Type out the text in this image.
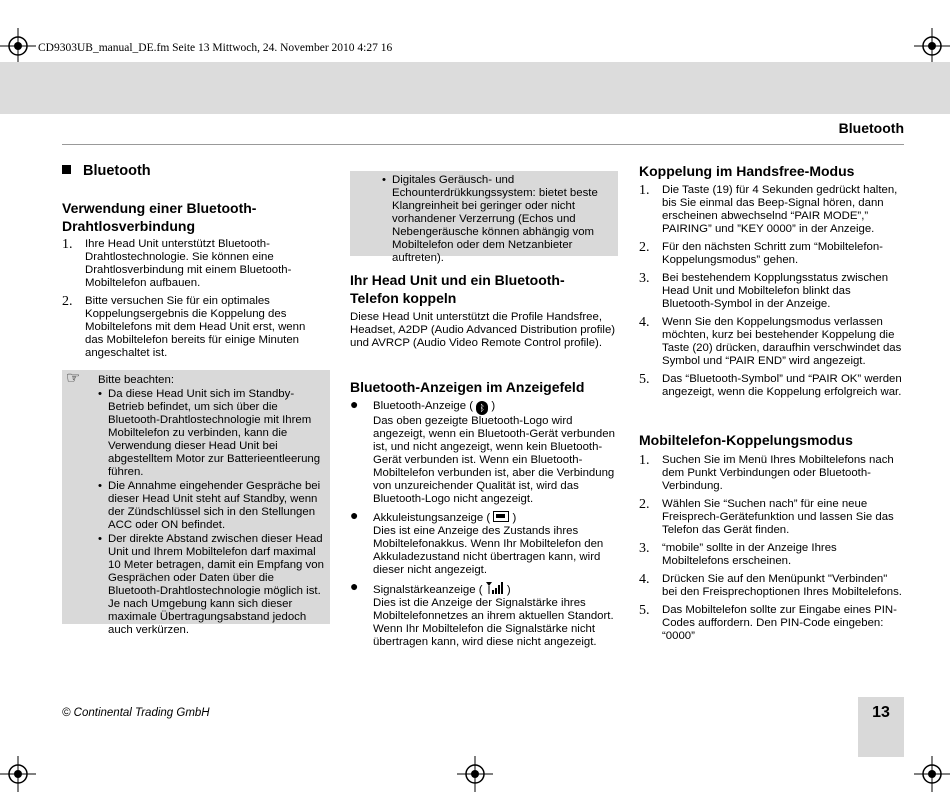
CD9303UB_manual_DE.fm Seite 13 Mittwoch, 24. November 2010 4:27 16
Bluetooth
Bluetooth
Verwendung einer Bluetooth-Drahtlosverbindung
1. Ihre Head Unit unterstützt Bluetooth-Drahtlostechnologie. Sie können eine Drahtlosverbindung mit einem Bluetooth-Mobiltelefon aufbauen.
2. Bitte versuchen Sie für ein optimales Koppelungsergebnis die Koppelung des Mobiltelefons mit dem Head Unit erst, wenn das Mobiltelefon bereits für einige Minuten angeschaltet ist.
☞ Bitte beachten:
• Da diese Head Unit sich im Standby-Betrieb befindet, um sich über die Bluetooth-Drahtlostechnologie mit Ihrem Mobiltelefon zu verbinden, kann die Verwendung dieser Head Unit bei abgestelltem Motor zur Batterieentleerung führen.
• Die Annahme eingehender Gespräche bei dieser Head Unit steht auf Standby, wenn der Zündschlüssel sich in den Stellungen ACC oder ON befindet.
• Der direkte Abstand zwischen dieser Head Unit und Ihrem Mobiltelefon darf maximal 10 Meter betragen, damit ein Empfang von Gesprächen oder Daten über die Bluetooth-Drahtlostechnologie möglich ist. Je nach Umgebung kann sich dieser maximale Übertragungsabstand jedoch auch verkürzen.
• Digitales Geräusch- und Echounterdrükkungssystem: bietet beste Klangreinheit bei geringer oder nicht vorhandener Verzerrung (Echos und Nebengeräusche können abhängig vom Mobiltelefon oder dem Netzanbieter auftreten).
Ihr Head Unit und ein Bluetooth-Telefon koppeln
Diese Head Unit unterstützt die Profile Handsfree, Headset, A2DP (Audio Advanced Distribution profile) und AVRCP (Audio Video Remote Control profile).
Bluetooth-Anzeigen im Anzeigefeld
● Bluetooth-Anzeige ( ᛒ )
Das oben gezeigte Bluetooth-Logo wird angezeigt, wenn ein Bluetooth-Gerät verbunden ist, und nicht angezeigt, wenn kein Bluetooth-Gerät verbunden ist. Wenn ein Bluetooth-Mobiltelefon verbunden ist, aber die Verbindung von unzureichender Qualität ist, wird das Bluetooth-Logo nicht angezeigt.
● Akkuleistungsanzeige ( )
Dies ist eine Anzeige des Zustands ihres Mobiltelefonakkus. Wenn Ihr Mobiltelefon den Akkuladezustand nicht übertragen kann, wird dieser nicht angezeigt.
● Signalstärkeanzeige ( )
Dies ist die Anzeige der Signalstärke ihres Mobiltelefonnetzes an ihrem aktuellen Standort. Wenn Ihr Mobiltelefon die Signalstärke nicht übertragen kann, wird diese nicht angezeigt.
Koppelung im Handsfree-Modus
1. Die Taste (19) für 4 Sekunden gedrückt halten, bis Sie einmal das Beep-Signal hören, dann erscheinen abwechselnd “PAIR MODE”,” PAIRING” und ”KEY 0000” in der Anzeige.
2. Für den nächsten Schritt zum “Mobiltelefon-Koppelungsmodus” gehen.
3. Bei bestehendem Kopplungsstatus zwischen Head Unit und Mobiltelefon blinkt das Bluetooth-Symbol in der Anzeige.
4. Wenn Sie den Koppelungsmodus verlassen möchten, kurz bei bestehender Koppelung die Taste (20) drücken, daraufhin verschwindet das Symbol und “PAIR END” wird angezeigt.
5. Das “Bluetooth-Symbol” und “PAIR OK” werden angezeigt, wenn die Koppelung erfolgreich war.
Mobiltelefon-Koppelungsmodus
1. Suchen Sie im Menü Ihres Mobiltelefons nach dem Punkt Verbindungen oder Bluetooth-Verbindung.
2. Wählen Sie “Suchen nach” für eine neue Freisprech-Gerätefunktion und lassen Sie das Telefon das Gerät finden.
3. “mobile” sollte in der Anzeige Ihres Mobiltelefons erscheinen.
4. Drücken Sie auf den Menüpunkt "Verbinden" bei den Freisprechoptionen Ihres Mobiltelefons.
5. Das Mobiltelefon sollte zur Eingabe eines PIN-Codes auffordern. Den PIN-Code eingeben: “0000”
© Continental Trading GmbH	13
